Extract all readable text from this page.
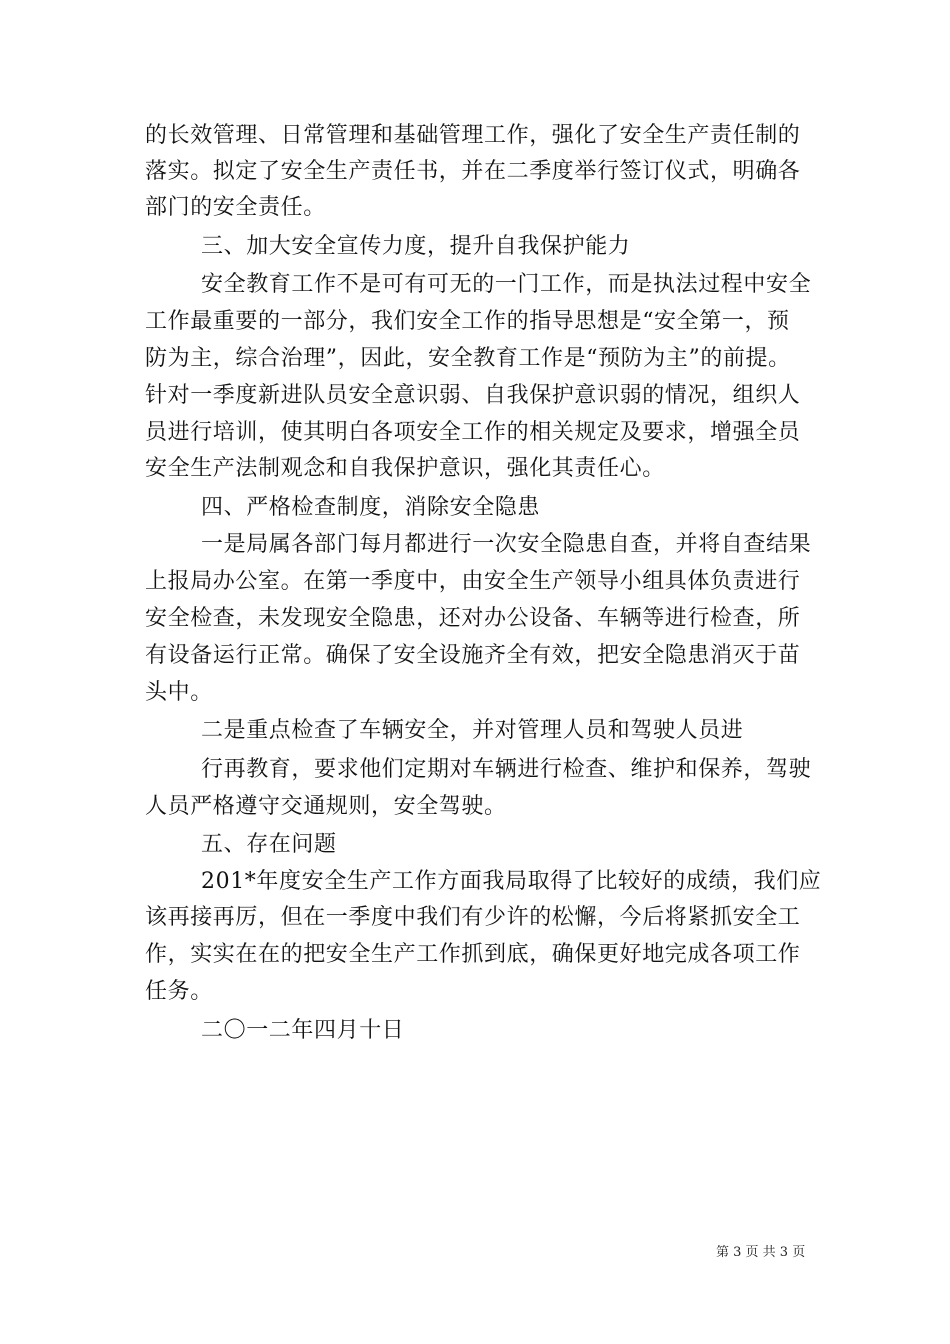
的长效管理、日常管理和基础管理工作，强化了安全生产责任制的
落实。拟定了安全生产责任书，并在二季度举行签订仪式，明确各
部门的安全责任。
三、加大安全宣传力度，提升自我保护能力
安全教育工作不是可有可无的一门工作，而是执法过程中安全
工作最重要的一部分，我们安全工作的指导思想是“安全第一，预
防为主，综合治理”，因此，安全教育工作是“预防为主”的前提。
针对一季度新进队员安全意识弱、自我保护意识弱的情况，组织人
员进行培训，使其明白各项安全工作的相关规定及要求，增强全员
安全生产法制观念和自我保护意识，强化其责任心。
四、严格检查制度，消除安全隐患
一是局属各部门每月都进行一次安全隐患自查，并将自查结果
上报局办公室。在第一季度中，由安全生产领导小组具体负责进行
安全检查，未发现安全隐患，还对办公设备、车辆等进行检查，所
有设备运行正常。确保了安全设施齐全有效，把安全隐患消灭于苗
头中。
二是重点检查了车辆安全，并对管理人员和驾驶人员进
行再教育，要求他们定期对车辆进行检查、维护和保养，驾驶
人员严格遵守交通规则，安全驾驶。
五、存在问题
201*年度安全生产工作方面我局取得了比较好的成绩，我们应
该再接再厉，但在一季度中我们有少许的松懈，今后将紧抓安全工
作，实实在在的把安全生产工作抓到底，确保更好地完成各项工作
任务。
二〇一二年四月十日
第 3 页 共 3 页
